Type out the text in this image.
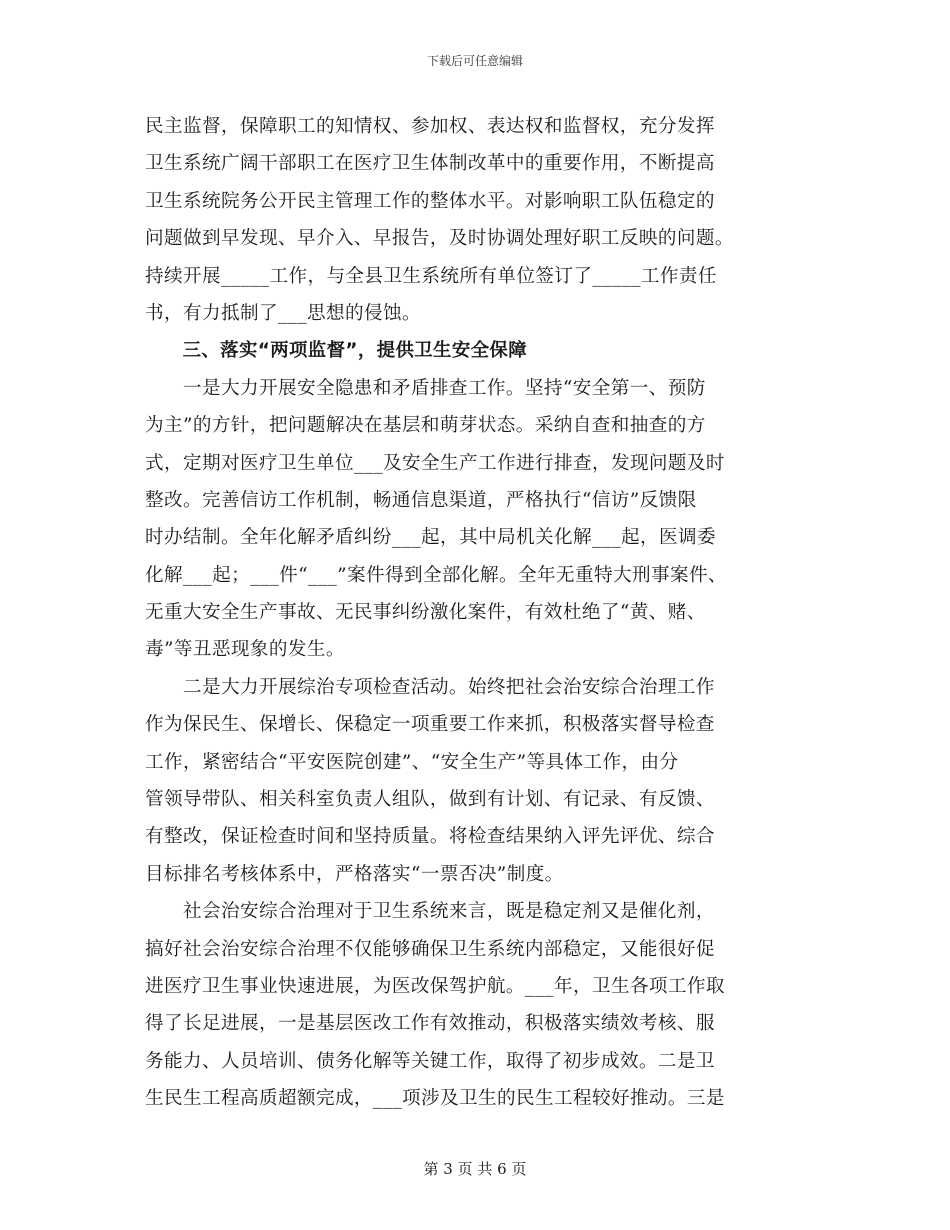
下载后可任意编辑
民主监督，保障职工的知情权、参加权、表达权和监督权，充分发挥
卫生系统广阔干部职工在医疗卫生体制改革中的重要作用，不断提高
卫生系统院务公开民主管理工作的整体水平。对影响职工队伍稳定的
问题做到早发现、早介入、早报告，及时协调处理好职工反映的问题。
持续开展_____工作，与全县卫生系统所有单位签订了_____工作责任
书，有力抵制了___思想的侵蚀。
　　三、落实“两项监督”，提供卫生安全保障
　　一是大力开展安全隐患和矛盾排查工作。坚持“安全第一、预防
为主”的方针，把问题解决在基层和萌芽状态。采纳自查和抽查的方
式，定期对医疗卫生单位___及安全生产工作进行排查，发现问题及时
整改。完善信访工作机制，畅通信息渠道，严格执行“信访”反馈限
时办结制。全年化解矛盾纠纷___起，其中局机关化解___起，医调委
化解___起；___件“___”案件得到全部化解。全年无重特大刑事案件、
无重大安全生产事故、无民事纠纷激化案件，有效杜绝了“黄、赌、
毒”等丑恶现象的发生。
　　二是大力开展综治专项检查活动。始终把社会治安综合治理工作
作为保民生、保增长、保稳定一项重要工作来抓，积极落实督导检查
工作，紧密结合“平安医院创建”、“安全生产”等具体工作，由分
管领导带队、相关科室负责人组队，做到有计划、有记录、有反馈、
有整改，保证检查时间和坚持质量。将检查结果纳入评先评优、综合
目标排名考核体系中，严格落实“一票否决”制度。
　　社会治安综合治理对于卫生系统来言，既是稳定剂又是催化剂，
搞好社会治安综合治理不仅能够确保卫生系统内部稳定，又能很好促
进医疗卫生事业快速进展，为医改保驾护航。___年，卫生各项工作取
得了长足进展，一是基层医改工作有效推动，积极落实绩效考核、服
务能力、人员培训、债务化解等关键工作，取得了初步成效。二是卫
生民生工程高质超额完成，___项涉及卫生的民生工程较好推动。三是
第 3 页 共 6 页
